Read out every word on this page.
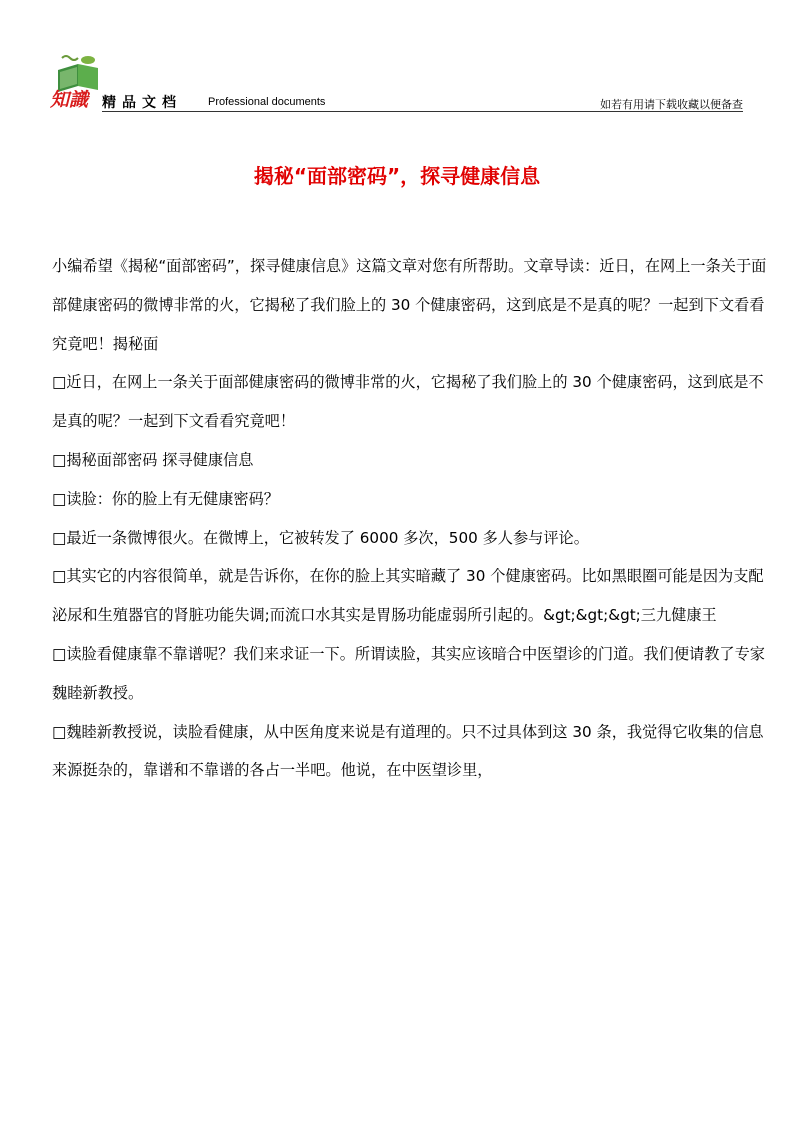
知識 精品文档 Professional documents	如若有用请下载收藏以便备查
揭秘“面部密码”，探寻健康信息

小编希望《揭秘“面部密码”，探寻健康信息》这篇文章对您有所帮助。文章导读：近日，在网上一条关于面部健康密码的微博非常的火，它揭秘了我们脸上的 30 个健康密码，这到底是不是真的呢？一起到下文看看究竟吧！揭秘面

□近日，在网上一条关于面部健康密码的微博非常的火，它揭秘了我们脸上的 30 个健康密码，这到底是不是真的呢？一起到下文看看究竟吧！

□揭秘面部密码 探寻健康信息

□读脸：你的脸上有无健康密码？

□最近一条微博很火。在微博上，它被转发了 6000 多次，500 多人参与评论。

□其实它的内容很简单，就是告诉你，在你的脸上其实暗藏了 30 个健康密码。比如黑眼圈可能是因为支配泌尿和生殖器官的肾脏功能失调;而流口水其实是胃肠功能虚弱所引起的。&gt;&gt;&gt;三九健康王

□读脸看健康靠不靠谱呢？我们来求证一下。所谓读脸，其实应该暗合中医望诊的门道。我们便请教了专家魏睦新教授。

□魏睦新教授说，读脸看健康，从中医角度来说是有道理的。只不过具体到这 30 条，我觉得它收集的信息来源挺杂的，靠谱和不靠谱的各占一半吧。他说，在中医望诊里，
